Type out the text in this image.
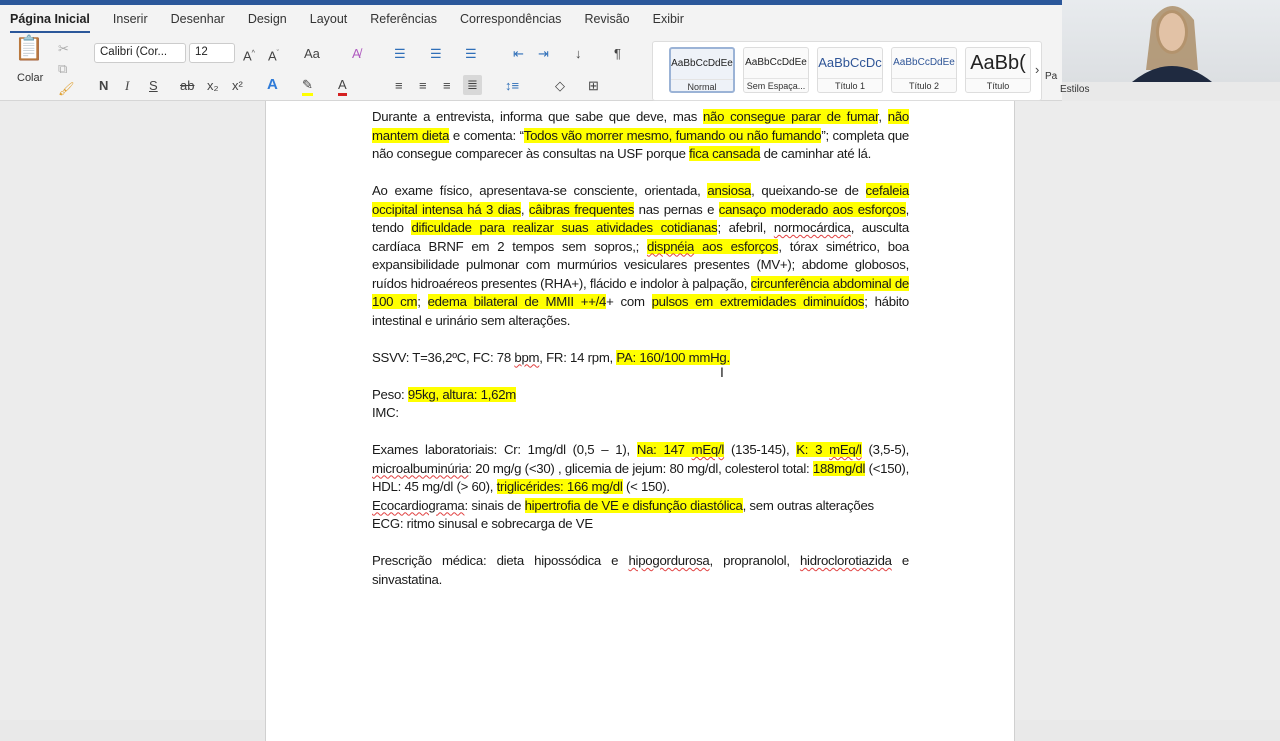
Página Inicial Inserir Desenhar Design Layout Referências Correspondências Revisão Exibir
📋
Colar
✂
⧉
🖌
Calibri (Cor...	12	A^ $A^ˇ$ Aa A̸
N I S ab x₂ x² A ✎ A
☰ ☰ ☰	⇤ ⇥ ↓	¶
≡ ≡ ≡	≣	↕≡	◇ ⊞
AaBbCcDdEe
Normal
AaBbCcDdEe
Sem Espaça...
AaBbCcDc
Título 1
AaBbCcDdEe
Título 2
AaBb(
Título
› Pa
Estilos
Durante a entrevista, informa que sabe que deve, mas não consegue parar de fumar, não mantem dieta e comenta: “Todos vão morrer mesmo, fumando ou não fumando”; completa que não consegue comparecer às consultas na USF porque fica cansada de caminhar até lá.
Ao exame físico, apresentava-se consciente, orientada, ansiosa, queixando-se de cefaleia occipital intensa há 3 dias, câibras frequentes nas pernas e cansaço moderado aos esforços, tendo dificuldade para realizar suas atividades cotidianas; afebril, normocárdica, ausculta cardíaca BRNF em 2 tempos sem sopros,; dispnéia aos esforços, tórax simétrico, boa expansibilidade pulmonar com murmúrios vesiculares presentes (MV+); abdome globosos, ruídos hidroaéreos presentes (RHA+), flácido e indolor à palpação, circunferência abdominal de 100 cm; edema bilateral de MMII ++/4+ com pulsos em extremidades diminuídos; hábito intestinal e urinário sem alterações.
SSVV: T=36,2ºC, FC: 78 bpm, FR: 14 rpm, PA: 160/100 mmHg.
Peso: 95kg, altura: 1,62m
IMC:
Exames laboratoriais: Cr: 1mg/dl (0,5 – 1), Na: 147 mEq/l (135-145), K: 3 mEq/l (3,5-5), microalbuminúria: 20 mg/g (<30) , glicemia de jejum: 80 mg/dl, colesterol total: 188mg/dl (<150), HDL: 45 mg/dl (> 60), triglicérides: 166 mg/dl (< 150).
Ecocardiograma: sinais de hipertrofia de VE e disfunção diastólica, sem outras alterações
ECG: ritmo sinusal e sobrecarga de VE
Prescrição médica: dieta hipossódica e hipogordurosa, propranolol, hidroclorotiazida e sinvastatina.
I
